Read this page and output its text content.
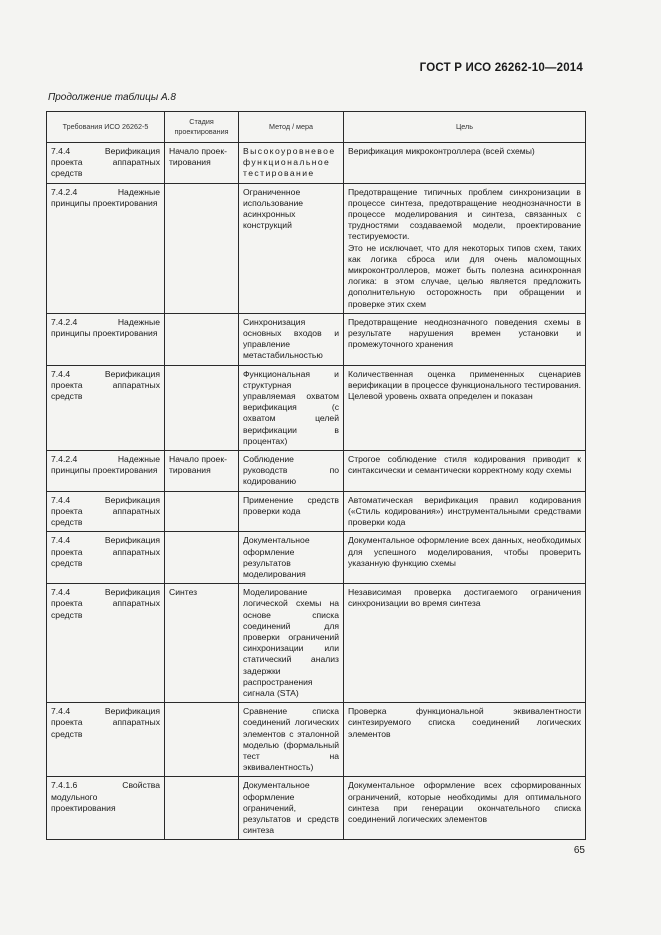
ГОСТ Р ИСО 26262-10—2014
Продолжение таблицы А.8
Требования ИСО 26262-5	Стадия проектирования	Метод / мера	Цель
7.4.4 Верификация проекта аппаратных средств	Начало проек-тирования	Высокоуровневое функциональное тестирование	Верификация микроконтроллера (всей схемы)
7.4.2.4 Надежные принципы проектирования		Ограниченное использование асинхронных конструкций	Предотвращение типичных проблем синхронизации в процессе синтеза, предотвращение неоднозначности в процессе моделирования и синтеза, связанных с трудностями создаваемой модели, проектирование тестируемости.
Это не исключает, что для некоторых типов схем, таких как логика сброса или для очень маломощных микроконтроллеров, может быть полезна асинхронная логика: в этом случае, целью является предложить дополнительную осторожность при обращении и проверке этих схем
7.4.2.4 Надежные принципы проектирования		Синхронизация основных входов и управление метастабильностью	Предотвращение неоднозначного поведения схемы в результате нарушения времен установки и промежуточного хранения
7.4.4 Верификация проекта аппаратных средств		Функциональная и структурная управляемая охватом верификация (с охватом целей верификации в процентах)	Количественная оценка примененных сценариев верификации в процессе функционального тестирования. Целевой уровень охвата определен и показан
7.4.2.4 Надежные принципы проектирования	Начало проек-тирования	Соблюдение руководств по кодированию	Строгое соблюдение стиля кодирования приводит к синтаксически и семантически корректному коду схемы
7.4.4 Верификация проекта аппаратных средств		Применение средств проверки кода	Автоматическая верификация правил кодирования («Стиль кодирования») инструментальными средствами проверки кода
7.4.4 Верификация проекта аппаратных средств		Документальное оформление результатов моделирования	Документальное оформление всех данных, необходимых для успешного моделирования, чтобы проверить указанную функцию схемы
7.4.4 Верификация проекта аппаратных средств	Синтез	Моделирование логической схемы на основе списка соединений для проверки ограничений синхронизации или статический анализ задержки распространения сигнала (STA)	Независимая проверка достигаемого ограничения синхронизации во время синтеза
7.4.4 Верификация проекта аппаратных средств		Сравнение списка соединений логических элементов с эталонной моделью (формальный тест на эквивалентность)	Проверка функциональной эквивалентности синтезируемого списка соединений логических элементов
7.4.1.6 Свойства модульного проектирования		Документальное оформление ограничений, результатов и средств синтеза	Документальное оформление всех сформированных ограничений, которые необходимы для оптимального синтеза при генерации окончательного списка соединений логических элементов
65
